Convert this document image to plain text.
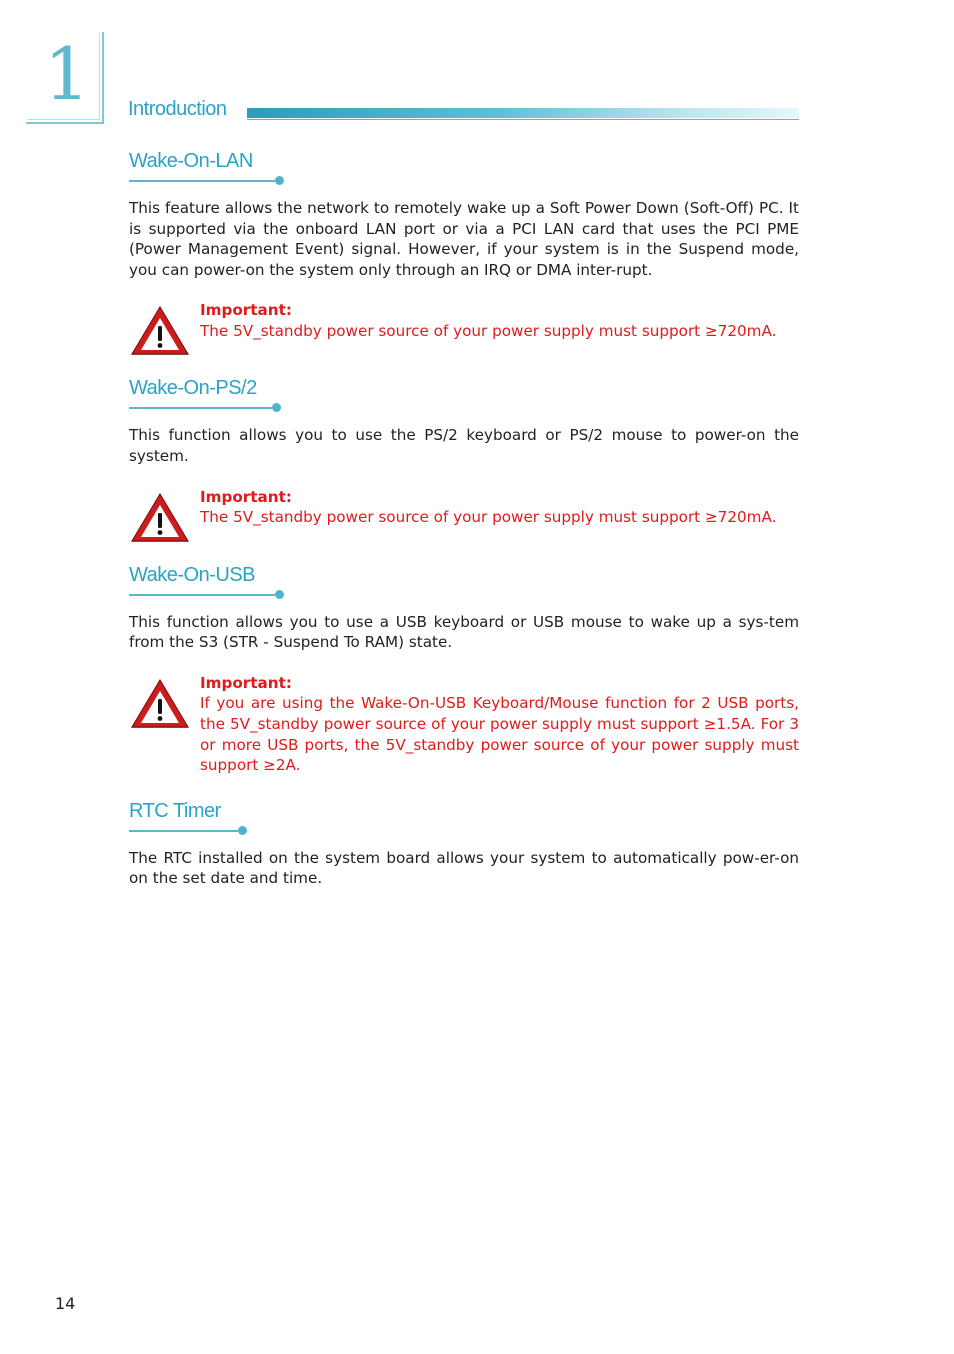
1 Introduction
Wake-On-LAN

This feature allows the network to remotely wake up a Soft Power Down (Soft-Off) PC. It is supported via the onboard LAN port or via a PCI LAN card that uses the PCI PME (Power Management Event) signal. However, if your system is in the Suspend mode, you can power-on the system only through an IRQ or DMA inter-rupt.

Important:

The 5V_standby power source of your power supply must support ≥720mA.

Wake-On-PS/2

This function allows you to use the PS/2 keyboard or PS/2 mouse to power-on the system.

Important:

The 5V_standby power source of your power supply must support ≥720mA.

Wake-On-USB

This function allows you to use a USB keyboard or USB mouse to wake up a sys-tem from the S3 (STR - Suspend To RAM) state.

Important:

If you are using the Wake-On-USB Keyboard/Mouse function for 2 USB ports, the 5V_standby power source of your power supply must support ≥1.5A. For 3 or more USB ports, the 5V_standby power source of your power supply must support ≥2A.

RTC Timer

The RTC installed on the system board allows your system to automatically pow-er-on on the set date and time.

14
